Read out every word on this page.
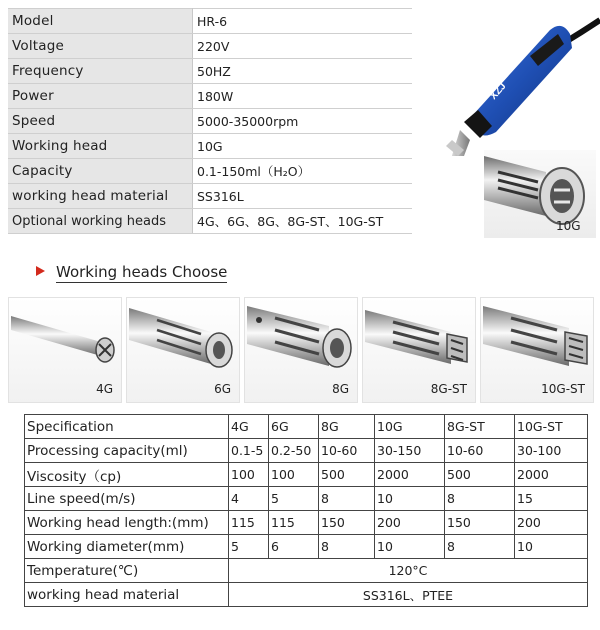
Model	HR-6
Voltage	220V
Frequency	50HZ
Power	180W
Speed	5000-35000rpm
Working head	10G
Capacity	0.1-150ml（H₂O）
working head material	SS316L
Optional working heads	4G、6G、8G、8G-ST、10G-ST
XZJ
10G
Working heads Choose
4G	6G	8G	8G-ST	10G-ST
Specification	4G	6G	8G	10G	8G-ST	10G-ST
Processing capacity(ml)	0.1-5	0.2-50	10-60	30-150	10-60	30-100
Viscosity（cp)	100	100	500	2000	500	2000
Line speed(m/s)	4	5	8	10	8	15
Working head length:(mm)	115	115	150	200	150	200
Working diameter(mm)	5	6	8	10	8	10
Temperature(℃)	120°C					
working head material	SS316L、PTEE					
